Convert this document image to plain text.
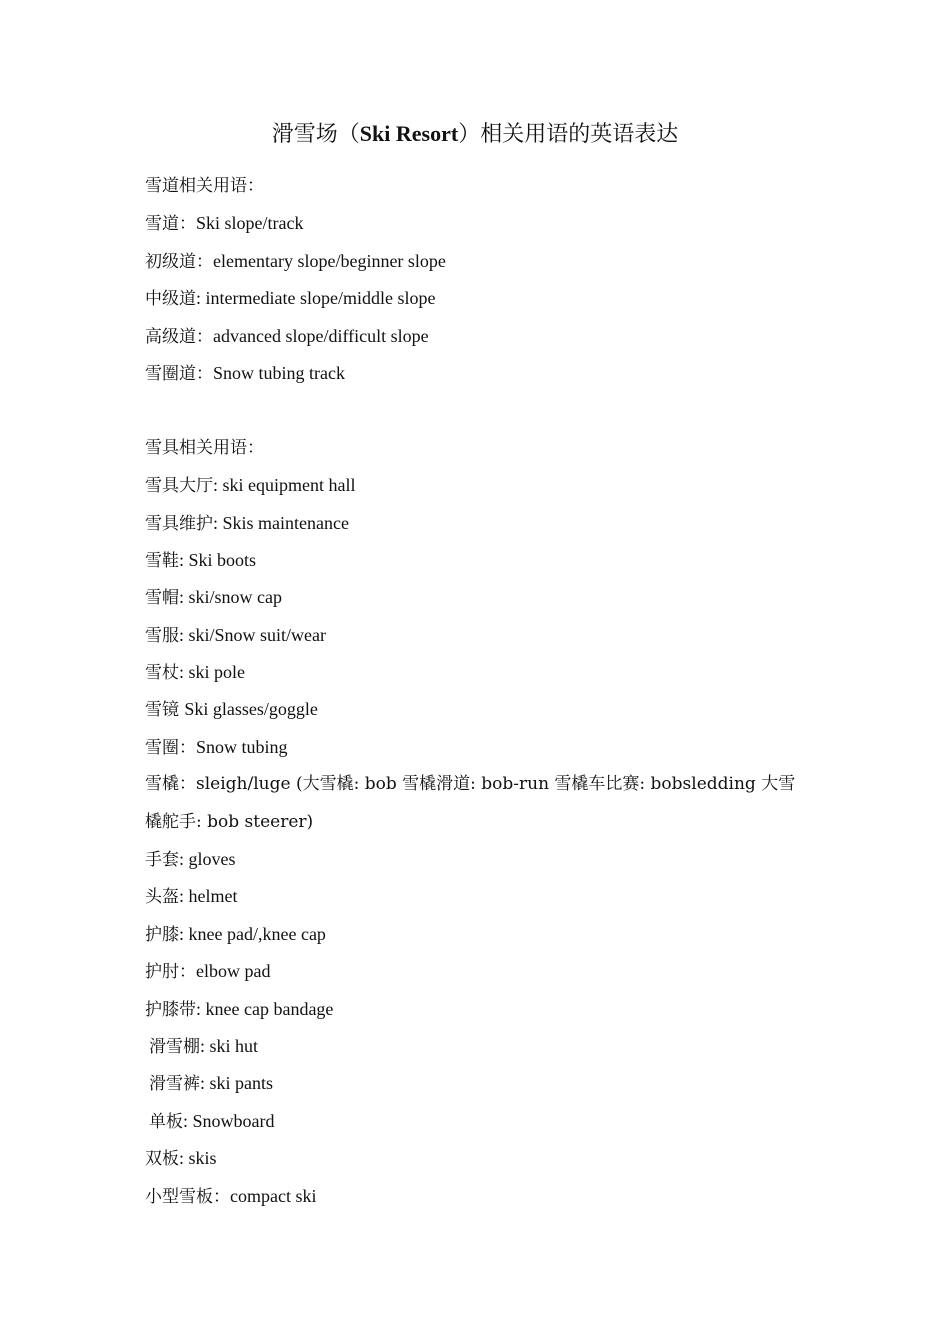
滑雪场（Ski Resort）相关用语的英语表达
雪道相关用语：
雪道：Ski slope/track
初级道：elementary slope/beginner slope
中级道: intermediate slope/middle slope
高级道：advanced slope/difficult slope
雪圈道：Snow tubing track
雪具相关用语：
雪具大厅: ski equipment hall
雪具维护: Skis maintenance
雪鞋: Ski boots
雪帽: ski/snow cap
雪服: ski/Snow suit/wear
雪杖: ski pole
雪镜 Ski glasses/goggle
雪圈：Snow tubing
雪橇：sleigh/luge (大雪橇: bob 雪橇滑道: bob-run 雪橇车比赛: bobsledding 大雪
橇舵手: bob steerer)
手套: gloves
头盔: helmet
护膝: knee pad/,knee cap
护肘：elbow pad
护膝带: knee cap bandage
滑雪棚: ski hut
滑雪裤: ski pants
单板: Snowboard
双板: skis
小型雪板：compact ski
